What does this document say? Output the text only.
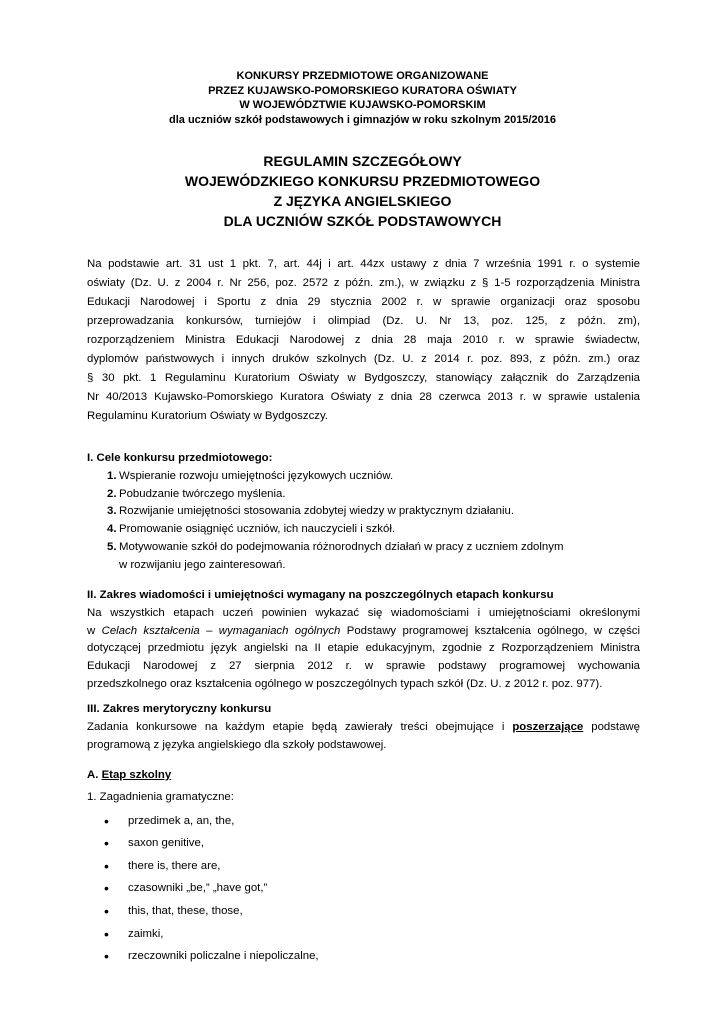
KONKURSY PRZEDMIOTOWE ORGANIZOWANE
PRZEZ KUJAWSKO-POMORSKIEGO KURATORA OŚWIATY
W WOJEWÓDZTWIE KUJAWSKO-POMORSKIM
dla uczniów szkół podstawowych i gimnazjów w roku szkolnym 2015/2016
REGULAMIN SZCZEGÓŁOWY
WOJEWÓDZKIEGO KONKURSU PRZEDMIOTOWEGO
Z JĘZYKA ANGIELSKIEGO
DLA UCZNIÓW SZKÓŁ PODSTAWOWYCH
Na podstawie art. 31 ust 1 pkt. 7, art. 44j i art. 44zx ustawy z dnia 7 września 1991 r. o systemie
oświaty (Dz. U. z 2004 r. Nr 256, poz. 2572 z późn. zm.), w związku z § 1-5 rozporządzenia Ministra
Edukacji Narodowej i Sportu z dnia 29 stycznia 2002 r. w sprawie organizacji oraz sposobu
przeprowadzania konkursów, turniejów i olimpiad (Dz. U. Nr 13, poz. 125, z późn. zm),
rozporządzeniem Ministra Edukacji Narodowej z dnia 28 maja 2010 r. w sprawie świadectw,
dyplomów państwowych i innych druków szkolnych (Dz. U. z 2014 r. poz. 893, z późn. zm.) oraz
§ 30 pkt. 1 Regulaminu Kuratorium Oświaty w Bydgoszczy, stanowiący załącznik do Zarządzenia
Nr 40/2013 Kujawsko-Pomorskiego Kuratora Oświaty z dnia 28 czerwca 2013 r. w sprawie ustalenia
Regulaminu Kuratorium Oświaty w Bydgoszczy.
I. Cele konkursu przedmiotowego:
1. Wspieranie rozwoju umiejętności językowych uczniów.
2. Pobudzanie twórczego myślenia.
3. Rozwijanie umiejętności stosowania zdobytej wiedzy w praktycznym działaniu.
4. Promowanie osiągnięć uczniów, ich nauczycieli i szkół.
5. Motywowanie szkół do podejmowania różnorodnych działań w pracy z uczniem zdolnym
w rozwijaniu jego zainteresowań.
II. Zakres wiadomości i umiejętności wymagany na poszczególnych etapach konkursu
Na wszystkich etapach uczeń powinien wykazać się wiadomościami i umiejętnościami określonymi
w Celach kształcenia – wymaganiach ogólnych Podstawy programowej kształcenia ogólnego, w części
dotyczącej przedmiotu język angielski na II etapie edukacyjnym, zgodnie z Rozporządzeniem Ministra
Edukacji Narodowej z 27 sierpnia 2012 r. w sprawie podstawy programowej wychowania
przedszkolnego oraz kształcenia ogólnego w poszczególnych typach szkół (Dz. U. z 2012 r. poz. 977).
III. Zakres merytoryczny konkursu
Zadania konkursowe na każdym etapie będą zawierały treści obejmujące i poszerzające podstawę
programową z języka angielskiego dla szkoły podstawowej.
A. Etap szkolny
1. Zagadnienia gramatyczne:
• przedimek a, an, the,
• saxon genitive,
• there is, there are,
• czasowniki „be,” „have got,”
• this, that, these, those,
• zaimki,
• rzeczowniki policzalne i niepoliczalne,
